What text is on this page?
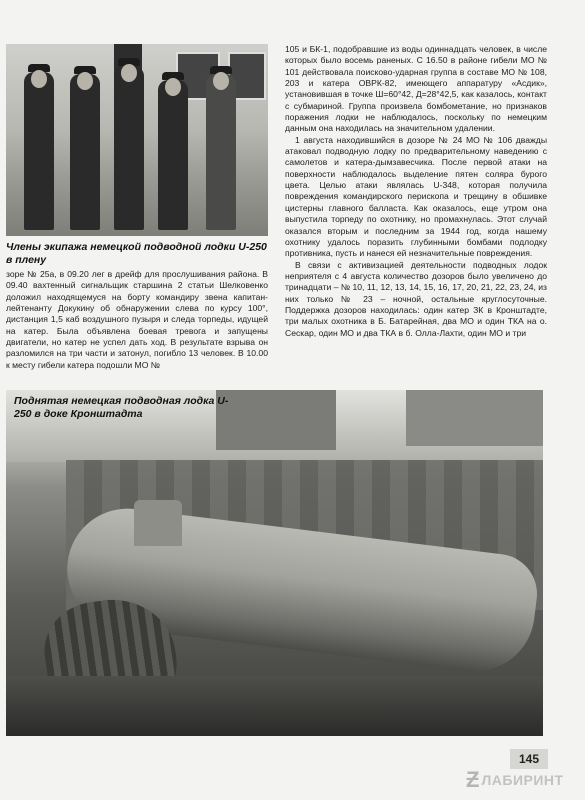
Члены экипажа немецкой подводной лодки U-250 в плену

зоре № 25а, в 09.20 лег в дрейф для прослушивания района. В 09.40 вахтенный сигнальщик старшина 2 статьи Шелковенко доложил находящемуся на борту командиру звена капитан-лейтенанту Докукину об обнаружении слева по курсу 100°, дистанция 1,5 каб воздушного пузыря и следа торпеды, идущей на катер. Была объявлена боевая тревога и запущены двигатели, но катер не успел дать ход. В результате взрыва он разломился на три части и затонул, погибло 13 человек. В 10.00 к месту гибели катера подошли МО №

105 и БК-1, подобравшие из воды одиннадцать человек, в числе которых было восемь раненых. С 16.50 в районе гибели МО № 101 действовала поисково-ударная группа в составе МО № 108, 203 и катера ОВРК-82, имеющего аппаратуру «Асдик», установившая в точке Ш=60°42, Д=28°42,5, как казалось, контакт с субмариной. Группа произвела бомбометание, но признаков поражения лодки не наблюдалось, поскольку по немецким данным она находилась на значительном удалении.

1 августа находившийся в дозоре № 24 МО № 106 дважды атаковал подводную лодку по предварительному наведению с самолетов и катера-дымзавесчика. После первой атаки на поверхности наблюдалось выделение пятен соляра бурого цвета. Целью атаки являлась U-348, которая получила повреждения командирского перископа и трещину в обшивке цистерны главного балласта. Как оказалось, еще утром она выпустила торпеду по охотнику, но промахнулась. Этот случай оказался вторым и последним за 1944 год, когда нашему охотнику удалось поразить глубинными бомбами подлодку противника, пусть и нанеся ей незначительные повреждения.

В связи с активизацией деятельности подводных лодок неприятеля с 4 августа количество дозоров было увеличено до тринадцати – № 10, 11, 12, 13, 14, 15, 16, 17, 20, 21, 22, 23, 24, из них только № 23 – ночной, остальные круглосуточные. Поддержка дозоров находилась: один катер ЗК в Кронштадте, три малых охотника в Б. Батарейная, два МО и один ТКА на о. Сескар, один МО и два ТКА в б. Олла-Лахти, один МО и три

Поднятая немецкая подводная лодка U-250 в доке Кронштадта
145
Ƶ ЛАБИРИНТ
